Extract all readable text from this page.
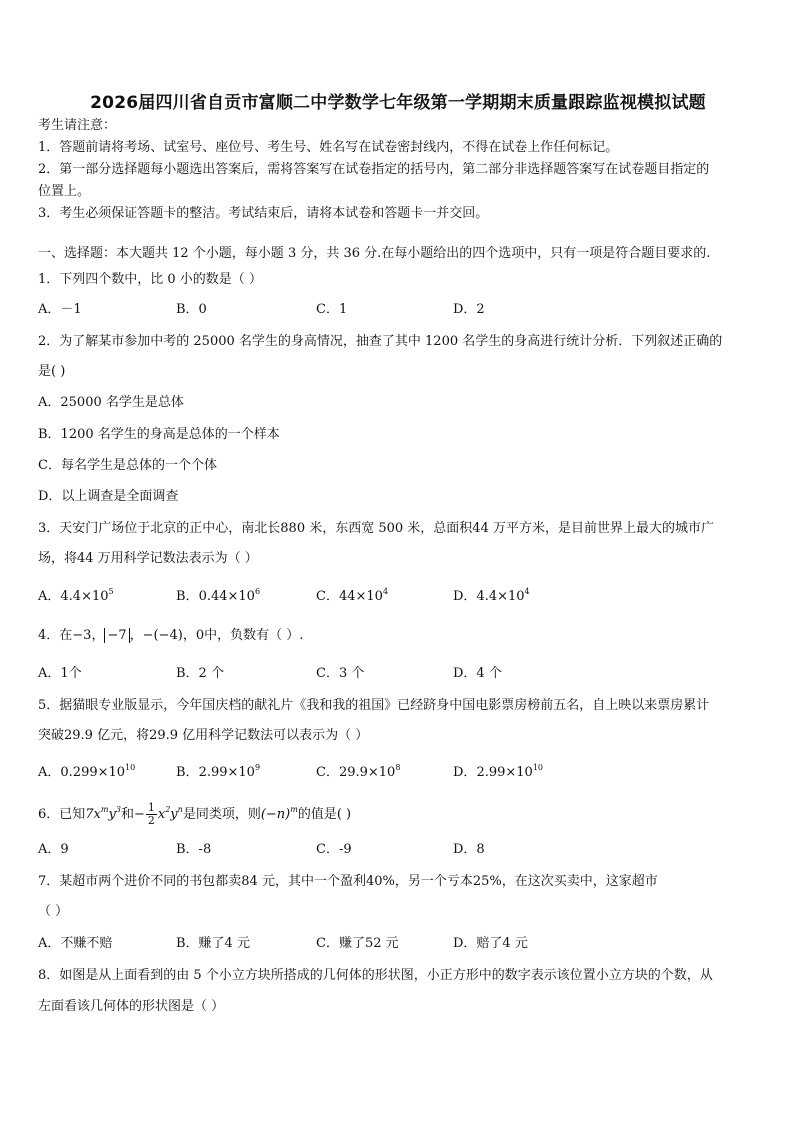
2026届四川省自贡市富顺二中学数学七年级第一学期期末质量跟踪监视模拟试题
考生请注意：
1．答题前请将考场、试室号、座位号、考生号、姓名写在试卷密封线内，不得在试卷上作任何标记。
2．第一部分选择题每小题选出答案后，需将答案写在试卷指定的括号内，第二部分非选择题答案写在试卷题目指定的
位置上。
3．考生必须保证答题卡的整洁。考试结束后，请将本试卷和答题卡一并交回。
一、选择题：本大题共 12 个小题，每小题 3 分，共 36 分.在每小题给出的四个选项中，只有一项是符合题目要求的.
1．下列四个数中，比 0 小的数是（ ）
A．－1	B．0	C．1	D．2
2．为了解某市参加中考的 25000 名学生的身高情况，抽查了其中 1200 名学生的身高进行统计分析．下列叙述正确的
是( )
A．25000 名学生是总体
B．1200 名学生的身高是总体的一个样本
C．每名学生是总体的一个个体
D．以上调查是全面调查
3．天安门广场位于北京的正中心，南北长880 米，东西宽 500 米，总面积44 万平方米，是目前世界上最大的城市广
场，将44 万用科学记数法表示为（ ）
A．$4.4\times 10^5$	B．$0.44\times 10^6$	C．$44\times 10^4$	D．$4.4\times 10^4$
4．在−3， −7 ，−(−4)，0中，负数有（ ）.
A．1个	B．2 个	C．3 个	D．4 个
5．据猫眼专业版显示，今年国庆档的献礼片《我和我的祖国》已经跻身中国电影票房榜前五名，自上映以来票房累计
突破29.9 亿元，将29.9 亿用科学记数法可以表示为（ ）
A．$0.299\times 10^{10}$	B．$2.99\times 10^9$	C．$29.9\times 10^8$	D．$2.99\times 10^{10}$
6．已知$7x^my^3$和− $\frac{1}{2} x^2y^n$是同类项，则$(-n)^m$的值是( )
A．9	B．-8	C．-9	D．8
7．某超市两个进价不同的书包都卖84 元，其中一个盈利40%，另一个亏本25%，在这次买卖中，这家超市
（ ）
A．不赚不赔	B．赚了4 元	C．赚了52 元	D．赔了4 元
8．如图是从上面看到的由 5 个小立方块所搭成的几何体的形状图，小正方形中的数字表示该位置小立方块的个数，从
左面看该几何体的形状图是（ ）
